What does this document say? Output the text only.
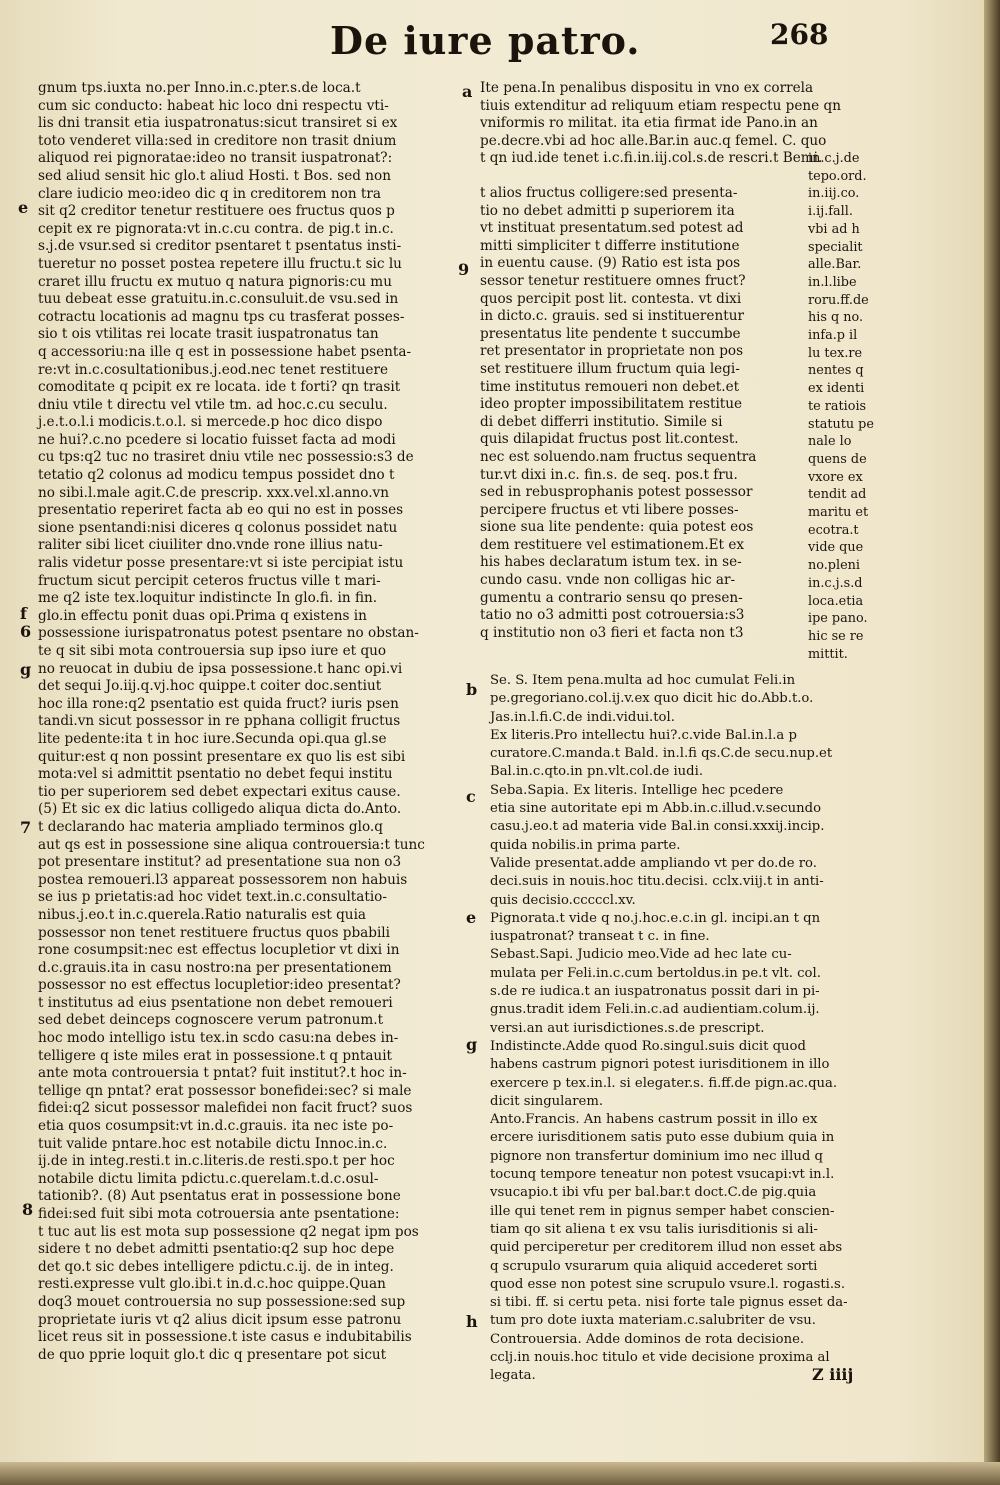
De iure patro.	268
gnum tps.iuxta no.per Inno.in.c.pter.s.de loca.t
cum sic conducto: habeat hic loco dni respectu vti-
lis dni transit etia iuspatronatus:sicut transiret si ex
toto venderet villa:sed in creditore non trasit dnium
aliquod rei pignoratae:ideo no transit iuspatronat?:
sed aliud sensit hic glo.t aliud Hosti. t Bos. sed non
clare iudicio meo:ideo dic q in creditorem non tra
sit q2 creditor tenetur restituere oes fructus quos p
cepit ex re pignorata:vt in.c.cu contra. de pig.t in.c.
s.j.de vsur.sed si creditor psentaret t psentatus insti-
tueretur no posset postea repetere illu fructu.t sic lu
craret illu fructu ex mutuo q natura pignoris:cu mu
tuu debeat esse gratuitu.in.c.consuluit.de vsu.sed in
cotractu locationis ad magnu tps cu trasferat posses-
sio t ois vtilitas rei locate trasit iuspatronatus tan
q accessoriu:na ille q est in possessione habet psenta-
re:vt in.c.cosultationibus.j.eod.nec tenet restituere
comoditate q pcipit ex re locata. ide t forti? qn trasit
dniu vtile t directu vel vtile tm. ad hoc.c.cu seculu.
j.e.t.o.l.i modicis.t.o.l. si mercede.p hoc dico dispo
ne hui?.c.no pcedere si locatio fuisset facta ad modi
cu tps:q2 tuc no trasiret dniu vtile nec possessio:s3 de
tetatio q2 colonus ad modicu tempus possidet dno t
no sibi.l.male agit.C.de prescrip. xxx.vel.xl.anno.vn
presentatio reperiret facta ab eo qui no est in posses
sione psentandi:nisi diceres q colonus possidet natu
raliter sibi licet ciuiliter dno.vnde rone illius natu-
ralis videtur posse presentare:vt si iste percipiat istu
fructum sicut percipit ceteros fructus ville t mari-
me q2 iste tex.loquitur indistincte In glo.fi. in fin.
glo.in effectu ponit duas opi.Prima q existens in
possessione iurispatronatus potest psentare no obstan-
te q sit sibi mota controuersia sup ipso iure et quo
no reuocat in dubiu de ipsa possessione.t hanc opi.vi
det sequi Jo.iij.q.vj.hoc quippe.t coiter doc.sentiut
hoc illa rone:q2 psentatio est quida fruct? iuris psen
tandi.vn sicut possessor in re pphana colligit fructus
lite pedente:ita t in hoc iure.Secunda opi.qua gl.se
quitur:est q non possint presentare ex quo lis est sibi
mota:vel si admittit psentatio no debet fequi institu
tio per superiorem sed debet expectari exitus cause.
(5) Et sic ex dic latius colligedo aliqua dicta do.Anto.
t declarando hac materia ampliado terminos glo.q
aut qs est in possessione sine aliqua controuersia:t tunc
pot presentare institut? ad presentatione sua non o3
postea remoueri.l3 appareat possessorem non habuis
se ius p prietatis:ad hoc videt text.in.c.consultatio-
nibus.j.eo.t in.c.querela.Ratio naturalis est quia
possessor non tenet restituere fructus quos pbabili
rone cosumpsit:nec est effectus locupletior vt dixi in
d.c.grauis.ita in casu nostro:na per presentationem
possessor no est effectus locupletior:ideo presentat?
t institutus ad eius psentatione non debet remoueri
sed debet deinceps cognoscere verum patronum.t
hoc modo intelligo istu tex.in scdo casu:na debes in-
telligere q iste miles erat in possessione.t q pntauit
ante mota controuersia t pntat? fuit institut?.t hoc in-
tellige qn pntat? erat possessor bonefidei:sec? si male
fidei:q2 sicut possessor malefidei non facit fruct? suos
etia quos cosumpsit:vt in.d.c.grauis. ita nec iste po-
tuit valide pntare.hoc est notabile dictu Innoc.in.c.
ij.de in integ.resti.t in.c.literis.de resti.spo.t per hoc
notabile dictu limita pdictu.c.querelam.t.d.c.osul-
tationib?. (8) Aut psentatus erat in possessione bone
fidei:sed fuit sibi mota cotrouersia ante psentatione:
t tuc aut lis est mota sup possessione q2 negat ipm pos
sidere t no debet admitti psentatio:q2 sup hoc depe
det qo.t sic debes intelligere pdictu.c.ij. de in integ.
resti.expresse vult glo.ibi.t in.d.c.hoc quippe.Quan
doq3 mouet controuersia no sup possessione:sed sup
proprietate iuris vt q2 alius dicit ipsum esse patronu
licet reus sit in possessione.t iste casus e indubitabilis
de quo pprie loquit glo.t dic q presentare pot sicut
Ite pena.In penalibus dispositu in vno ex correla
tiuis extenditur ad reliquum etiam respectu pene qn
vniformis ro militat. ita etia firmat ide Pano.in an
pe.decre.vbi ad hoc alle.Bar.in auc.q femel. C. quo
t qn iud.ide tenet i.c.fi.in.iij.col.s.de rescri.t Bemi.
t alios fructus colligere:sed presenta-
tio no debet admitti p superiorem ita
vt instituat presentatum.sed potest ad
mitti simpliciter t differre institutione
in euentu cause. (9) Ratio est ista pos
sessor tenetur restituere omnes fruct?
quos percipit post lit. contesta. vt dixi
in dicto.c. grauis. sed si instituerentur
presentatus lite pendente t succumbe
ret presentator in proprietate non pos
set restituere illum fructum quia legi-
time institutus remoueri non debet.et
ideo propter impossibilitatem restitue
di debet differri institutio. Simile si
quis dilapidat fructus post lit.contest.
nec est soluendo.nam fructus sequentra
tur.vt dixi in.c. fin.s. de seq. pos.t fru.
sed in rebusprophanis potest possessor
percipere fructus et vti libere posses-
sione sua lite pendente: quia potest eos
dem restituere vel estimationem.Et ex
his habes declaratum istum tex. in se-
cundo casu. vnde non colligas hic ar-
gumentu a contrario sensu qo presen-
tatio no o3 admitti post cotrouersia:s3
q institutio non o3 fieri et facta non t3
in.c.j.de
tepo.ord.
in.iij.co.
i.ij.fall.
vbi ad h
specialit
alle.Bar.
in.l.libe
roru.ff.de
his q no.
infa.p il
lu tex.re
nentes q
ex identi
te ratiois
statutu pe
nale lo
quens de
vxore ex
tendit ad
maritu et
ecotra.t
vide que
no.pleni
in.c.j.s.d
loca.etia
ipe pano.
hic se re
mittit.
Se. S. Item pena.multa ad hoc cumulat Feli.in
pe.gregoriano.col.ij.v.ex quo dicit hic do.Abb.t.o.
Jas.in.l.fi.C.de indi.vidui.tol.
Ex literis.Pro intellectu hui?.c.vide Bal.in.l.a p
curatore.C.manda.t Bald. in.l.fi qs.C.de secu.nup.et
Bal.in.c.qto.in pn.vlt.col.de iudi.
Seba.Sapia. Ex literis. Intellige hec pcedere
etia sine autoritate epi m Abb.in.c.illud.v.secundo
casu.j.eo.t ad materia vide Bal.in consi.xxxij.incip.
quida nobilis.in prima parte.
Valide presentat.adde ampliando vt per do.de ro.
deci.suis in nouis.hoc titu.decisi. cclx.viij.t in anti-
quis decisio.cccccl.xv.
Pignorata.t vide q no.j.hoc.e.c.in gl. incipi.an t qn
iuspatronat? transeat t c. in fine.
Sebast.Sapi. Judicio meo.Vide ad hec late cu-
mulata per Feli.in.c.cum bertoldus.in pe.t vlt. col.
s.de re iudica.t an iuspatronatus possit dari in pi-
gnus.tradit idem Feli.in.c.ad audientiam.colum.ij.
versi.an aut iurisdictiones.s.de prescript.
Indistincte.Adde quod Ro.singul.suis dicit quod
habens castrum pignori potest iurisditionem in illo
exercere p tex.in.l. si elegater.s. fi.ff.de pign.ac.qua.
dicit singularem.
Anto.Francis. An habens castrum possit in illo ex
ercere iurisditionem satis puto esse dubium quia in
pignore non transfertur dominium imo nec illud q
tocunq tempore teneatur non potest vsucapi:vt in.l.
vsucapio.t ibi vfu per bal.bar.t doct.C.de pig.quia
ille qui tenet rem in pignus semper habet conscien-
tiam qo sit aliena t ex vsu talis iurisditionis si ali-
quid perciperetur per creditorem illud non esset abs
q scrupulo vsurarum quia aliquid accederet sorti
quod esse non potest sine scrupulo vsure.l. rogasti.s.
si tibi. ff. si certu peta. nisi forte tale pignus esset da-
tum pro dote iuxta materiam.c.salubriter de vsu.
Controuersia. Adde dominos de rota decisione.
cclj.in nouis.hoc titulo et vide decisione proxima al
legata.
a
e
f
6
g
7
8
b
c
e
g
h
9
Z iiij
